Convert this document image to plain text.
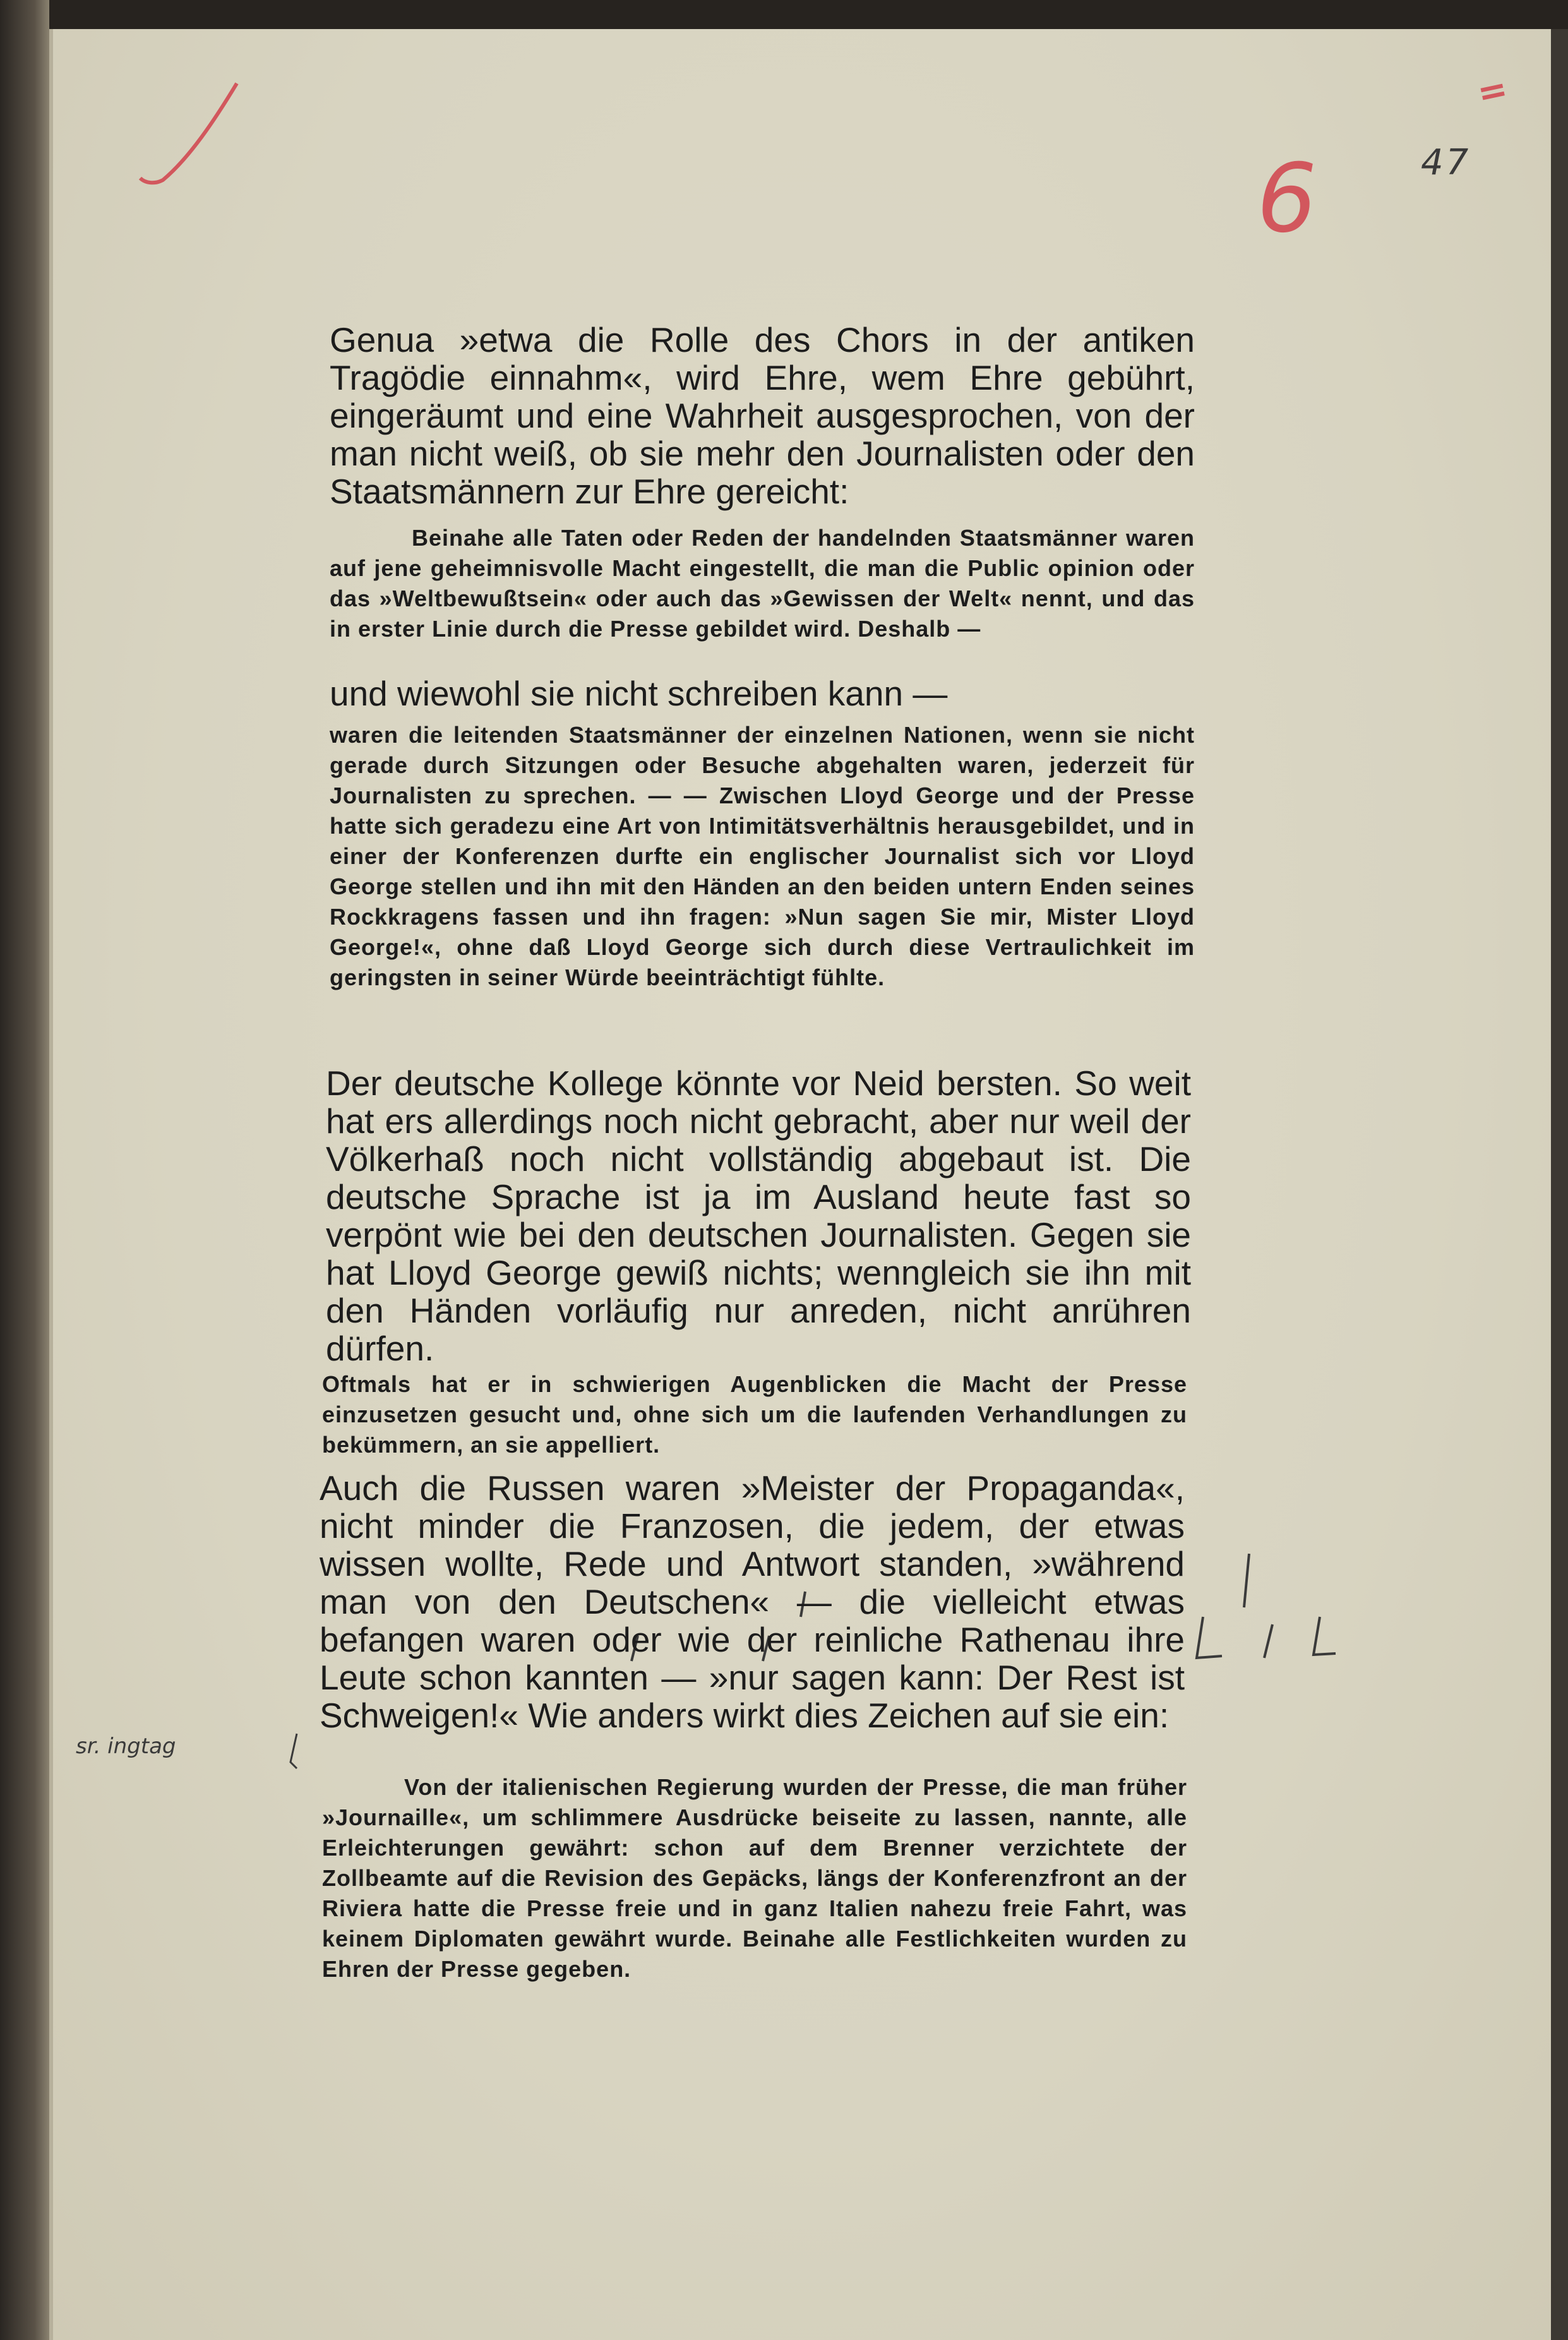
6
=
47
sr. ingtag
Genua »etwa die Rolle des Chors in der antiken Tragödie einnahm«, wird Ehre, wem Ehre gebührt, eingeräumt und eine Wahrheit ausgesprochen, von der man nicht weiß, ob sie mehr den Journalisten oder den Staatsmännern zur Ehre gereicht:
Beinahe alle Taten oder Reden der handelnden Staatsmänner waren auf jene geheimnisvolle Macht eingestellt, die man die Public opinion oder das »Weltbewußtsein« oder auch das »Gewissen der Welt« nennt, und das in erster Linie durch die Presse gebildet wird. Deshalb —
und wiewohl sie nicht schreiben kann —
waren die leitenden Staatsmänner der einzelnen Nationen, wenn sie nicht gerade durch Sitzungen oder Besuche abgehalten waren, jederzeit für Journalisten zu sprechen. — — Zwischen Lloyd George und der Presse hatte sich geradezu eine Art von Intimitätsverhältnis herausgebildet, und in einer der Konferenzen durfte ein englischer Journalist sich vor Lloyd George stellen und ihn mit den Händen an den beiden untern Enden seines Rockkragens fassen und ihn fragen: »Nun sagen Sie mir, Mister Lloyd George!«, ohne daß Lloyd George sich durch diese Vertraulichkeit im geringsten in seiner Würde beeinträchtigt fühlte.
Der deutsche Kollege könnte vor Neid bersten. So weit hat ers allerdings noch nicht gebracht, aber nur weil der Völkerhaß noch nicht vollständig abgebaut ist. Die deutsche Sprache ist ja im Ausland heute fast so verpönt wie bei den deutschen Journalisten. Gegen sie hat Lloyd George gewiß nichts; wenngleich sie ihn mit den Händen vorläufig nur anreden, nicht anrühren dürfen.
Oftmals hat er in schwierigen Augenblicken die Macht der Presse einzusetzen gesucht und, ohne sich um die laufenden Verhandlungen zu bekümmern, an sie appelliert.
Auch die Russen waren »Meister der Propaganda«, nicht minder die Franzosen, die jedem, der etwas wissen wollte, Rede und Antwort standen, »während man von den Deutschen« — die vielleicht etwas befangen waren oder wie der reinliche Rathenau ihre Leute schon kannten — »nur sagen kann: Der Rest ist Schweigen!« Wie anders wirkt dies Zeichen auf sie ein:
Von der italienischen Regierung wurden der Presse, die man früher »Journaille«, um schlimmere Ausdrücke beiseite zu lassen, nannte, alle Erleichterungen gewährt: schon auf dem Brenner verzichtete der Zollbeamte auf die Revision des Gepäcks, längs der Konferenzfront an der Riviera hatte die Presse freie und in ganz Italien nahezu freie Fahrt, was keinem Diplomaten gewährt wurde. Beinahe alle Festlichkeiten wurden zu Ehren der Presse gegeben.
